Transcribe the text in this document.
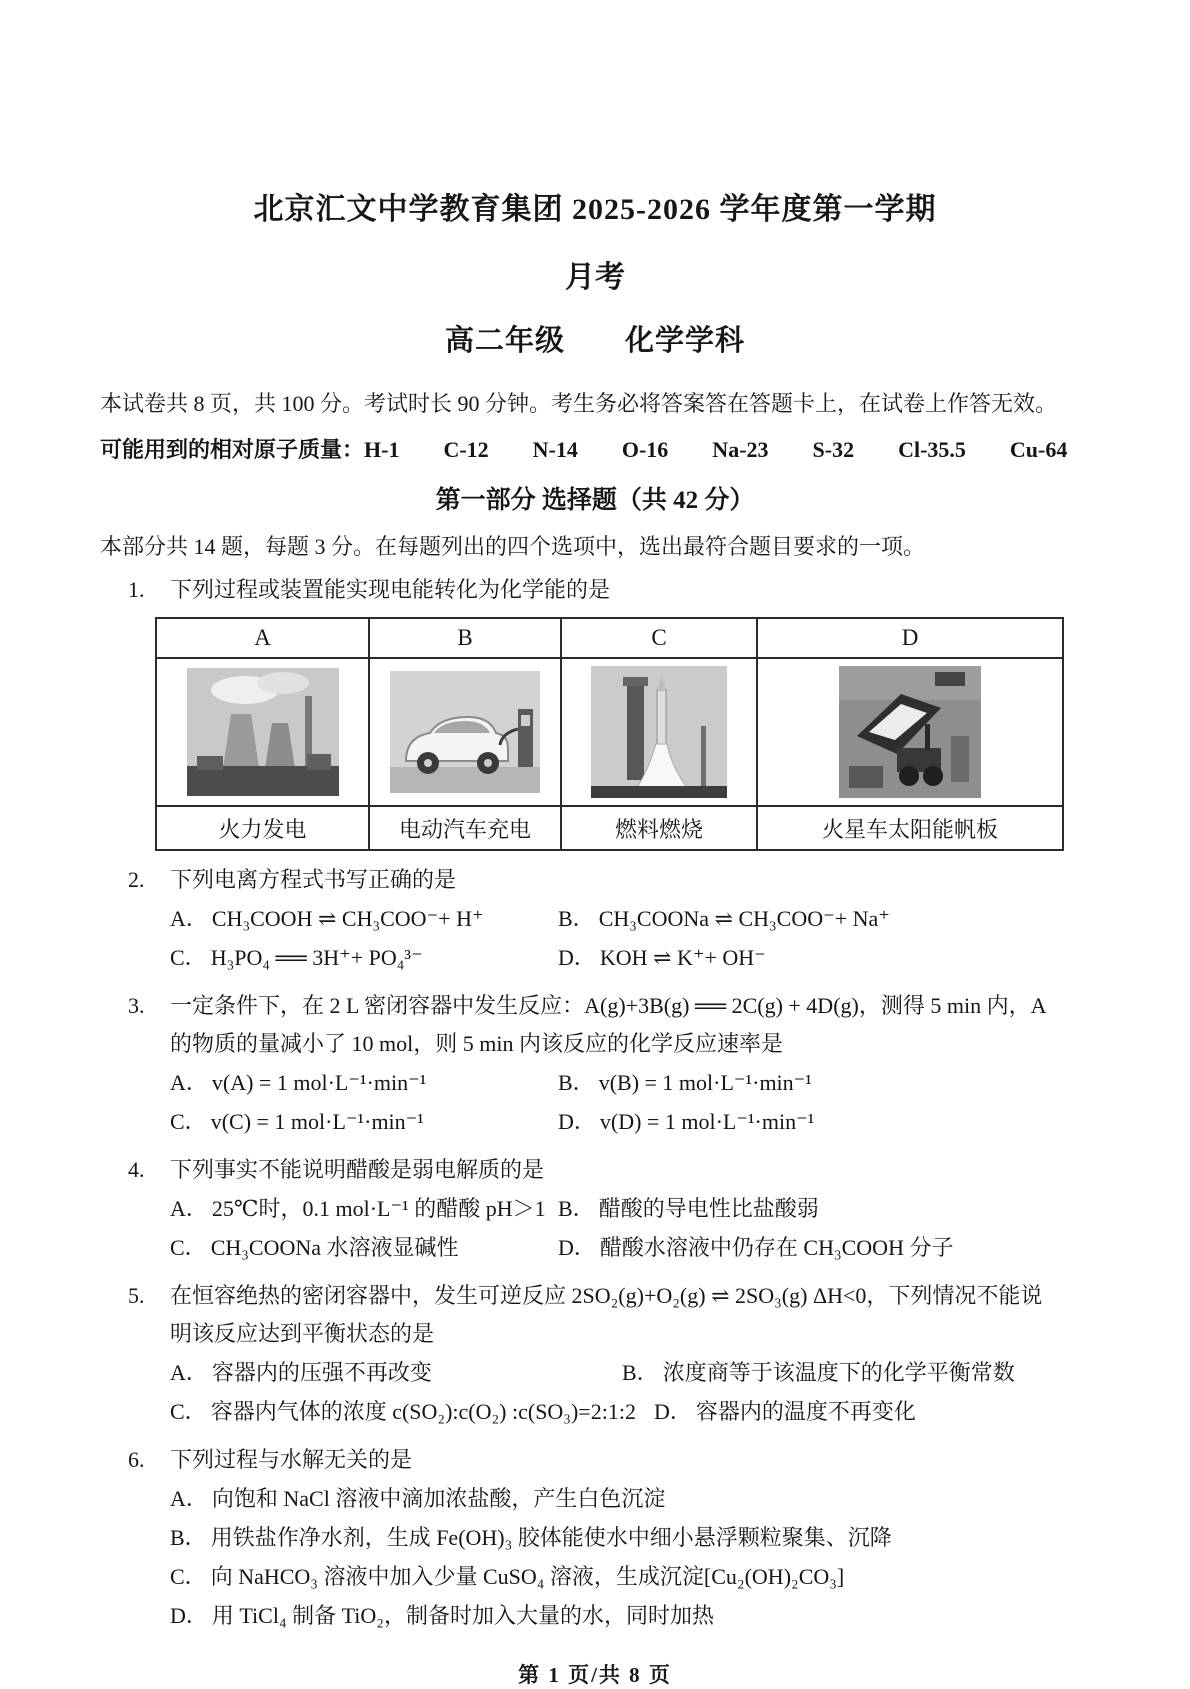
北京汇文中学教育集团 2025-2026 学年度第一学期
月考
高二年级　　化学学科
本试卷共 8 页，共 100 分。考试时长 90 分钟。考生务必将答案答在答题卡上，在试卷上作答无效。
可能用到的相对原子质量：H-1　　C-12　　N-14　　O-16　　Na-23　　S-32　　Cl-35.5　　Cu-64
第一部分 选择题（共 42 分）
本部分共 14 题，每题 3 分。在每题列出的四个选项中，选出最符合题目要求的一项。
1.	下列过程或装置能实现电能转化为化学能的是
A	B	C	D

火力发电	电动汽车充电	燃料燃烧	火星车太阳能帆板
2.	下列电离方程式书写正确的是
A． CH₃COOH ⇌ CH₃COO⁻+ H⁺	B． CH₃COONa ⇌ CH₃COO⁻+ Na⁺
C． H₃PO₄ ══ 3H⁺+ PO₄³⁻	D． KOH ⇌ K⁺+ OH⁻
3.	一定条件下，在 2 L 密闭容器中发生反应：A(g)+3B(g) ══ 2C(g) + 4D(g)，测得 5 min 内，A
的物质的量减小了 10 mol，则 5 min 内该反应的化学反应速率是
A． v(A) = 1 mol·L⁻¹·min⁻¹	B． v(B) = 1 mol·L⁻¹·min⁻¹
C． v(C) = 1 mol·L⁻¹·min⁻¹	D． v(D) = 1 mol·L⁻¹·min⁻¹
4.	下列事实不能说明醋酸是弱电解质的是
A． 25℃时，0.1 mol·L⁻¹ 的醋酸 pH＞1 B． 醋酸的导电性比盐酸弱
C． CH₃COONa 水溶液显碱性	D． 醋酸水溶液中仍存在 CH₃COOH 分子
5.	在恒容绝热的密闭容器中，发生可逆反应 2SO₂(g)+O₂(g) ⇌ 2SO₃(g) ΔH<0，下列情况不能说
明该反应达到平衡状态的是
A． 容器内的压强不再改变	B． 浓度商等于该温度下的化学平衡常数
C． 容器内气体的浓度 c(SO₂):c(O₂) :c(SO₃)=2:1:2 D． 容器内的温度不再变化
6.	下列过程与水解无关的是
A． 向饱和 NaCl 溶液中滴加浓盐酸，产生白色沉淀
B． 用铁盐作净水剂，生成 Fe(OH)₃ 胶体能使水中细小悬浮颗粒聚集、沉降
C． 向 NaHCO₃ 溶液中加入少量 CuSO₄ 溶液，生成沉淀[Cu₂(OH)₂CO₃]
D． 用 TiCl₄ 制备 TiO₂，制备时加入大量的水，同时加热
第 1 页/共 8 页
